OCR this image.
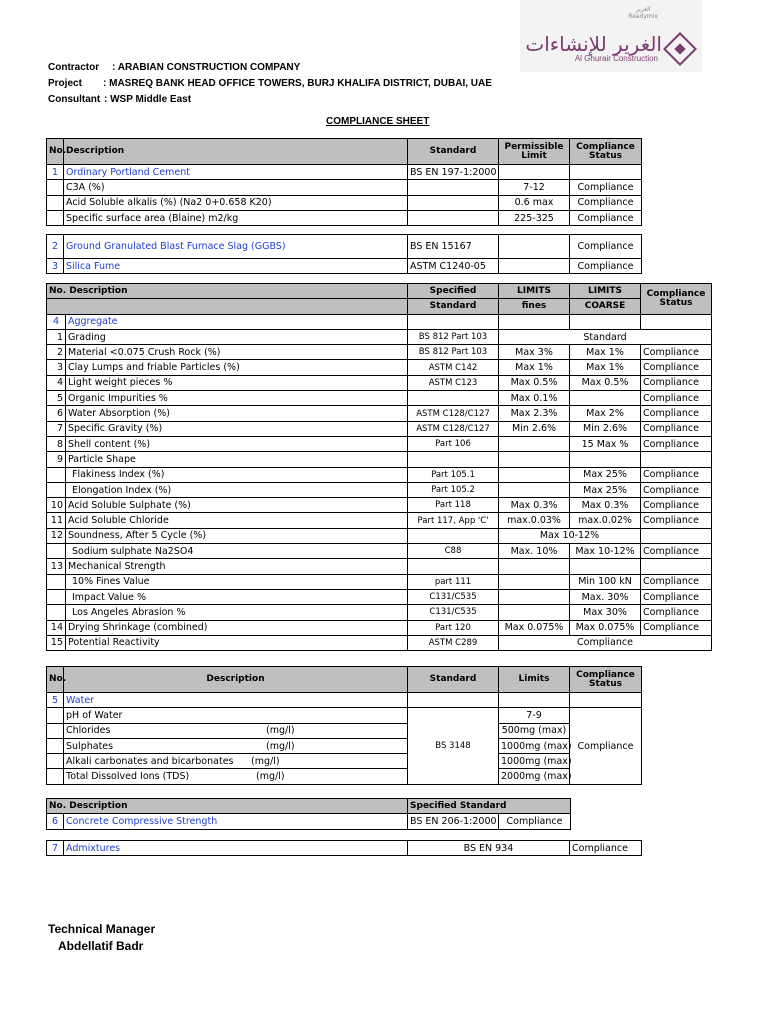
الغرير
Readymix
الغرير للإنشاءات
Al Ghurair Construction
Contractor : ARABIAN CONSTRUCTION COMPANY
Project : MASREQ BANK HEAD OFFICE TOWERS, BURJ KHALIFA DISTRICT, DUBAI, UAE
Consultant : WSP Middle East
COMPLIANCE SHEET
No.	Description	Standard	Permissible Limit	Compliance Status
1	Ordinary Portland Cement	BS EN 197-1:2000		
	C3A (%)		7-12	Compliance
	Acid Soluble alkalis (%) (Na2 0+0.658 K20)		0.6 max	Compliance
	Specific surface area (Blaine) m2/kg		225-325	Compliance
2	Ground Granulated Blast Furnace Slag (GGBS)	BS EN 15167		Compliance
3	Silica Fume	ASTM C1240-05		Compliance
No. Description		Specified	LIMITS	LIMITS	Compliance Status
		Standard	fines	COARSE	
4	Aggregate				
1	Grading	BS 812 Part 103	Standard		
2	Material <0.075 Crush Rock (%)	BS 812 Part 103	Max 3%	Max 1%	Compliance
3	Clay Lumps and friable Particles (%)	ASTM C142	Max 1%	Max 1%	Compliance
4	Light weight pieces %	ASTM C123	Max 0.5%	Max 0.5%	Compliance
5	Organic Impurities %		Max 0.1%		Compliance
6	Water Absorption (%)	ASTM C128/C127	Max 2.3%	Max 2%	Compliance
7	Specific Gravity (%)	ASTM C128/C127	Min 2.6%	Min 2.6%	Compliance
8	Shell content (%)	Part 106		15 Max %	Compliance
9	Particle Shape				
	Flakiness Index (%)	Part 105.1		Max 25%	Compliance
	Elongation Index (%)	Part 105.2		Max 25%	Compliance
10	Acid Soluble Sulphate (%)	Part 118	Max 0.3%	Max 0.3%	Compliance
11	Acid Soluble Chloride	Part 117, App 'C'	max.0.03%	max.0.02%	Compliance
12	Soundness, After 5 Cycle (%)		Max 10-12%		
	Sodium sulphate Na2SO4	C88	Max. 10%	Max 10-12%	Compliance
13	Mechanical Strength				
	10% Fines Value	part 111		Min 100 kN	Compliance
	Impact Value %	C131/C535		Max. 30%	Compliance
	Los Angeles Abrasion %	C131/C535		Max 30%	Compliance
14	Drying Shrinkage (combined)	Part 120	Max 0.075%	Max 0.075%	Compliance
15	Potential Reactivity	ASTM C289	Compliance		
No.	Description	Standard	Limits	Compliance Status
5	Water			
	pH of Water	BS 3148	7-9	Compliance
	Chlorides (mg/l)		500mg (max)	
	Sulphates (mg/l)		1000mg (max)	
	Alkali carbonates and bicarbonates (mg/l)		1000mg (max)	
	Total Dissolved Ions (TDS) (mg/l)		2000mg (max)	
No. Description		Specified Standard	
6	Concrete Compressive Strength	BS EN 206-1:2000	Compliance
7	Admixtures	BS EN 934	Compliance
Technical Manager
Abdellatif Badr
